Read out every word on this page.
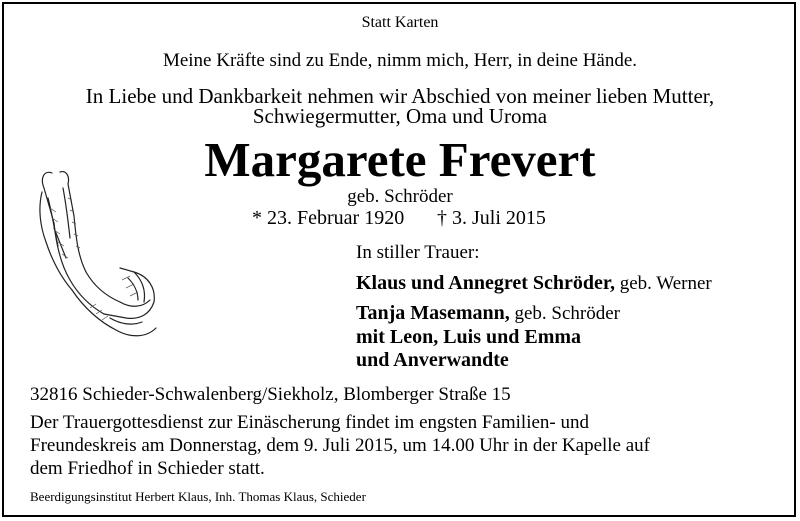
Statt Karten
Meine Kräfte sind zu Ende, nimm mich, Herr, in deine Hände.
In Liebe und Dankbarkeit nehmen wir Abschied von meiner lieben Mutter,
Schwiegermutter, Oma und Uroma
Margarete Frevert
geb. Schröder
* 23. Februar 1920 † 3. Juli 2015
In stiller Trauer:
Klaus und Annegret Schröder, geb. Werner
Tanja Masemann, geb. Schröder
mit Leon, Luis und Emma
und Anverwandte
32816 Schieder-Schwalenberg/Siekholz, Blomberger Straße 15
Der Trauergottesdienst zur Einäscherung findet im engsten Familien- und
Freundeskreis am Donnerstag, dem 9. Juli 2015, um 14.00 Uhr in der Kapelle auf
dem Friedhof in Schieder statt.
Beerdigungsinstitut Herbert Klaus, Inh. Thomas Klaus, Schieder
